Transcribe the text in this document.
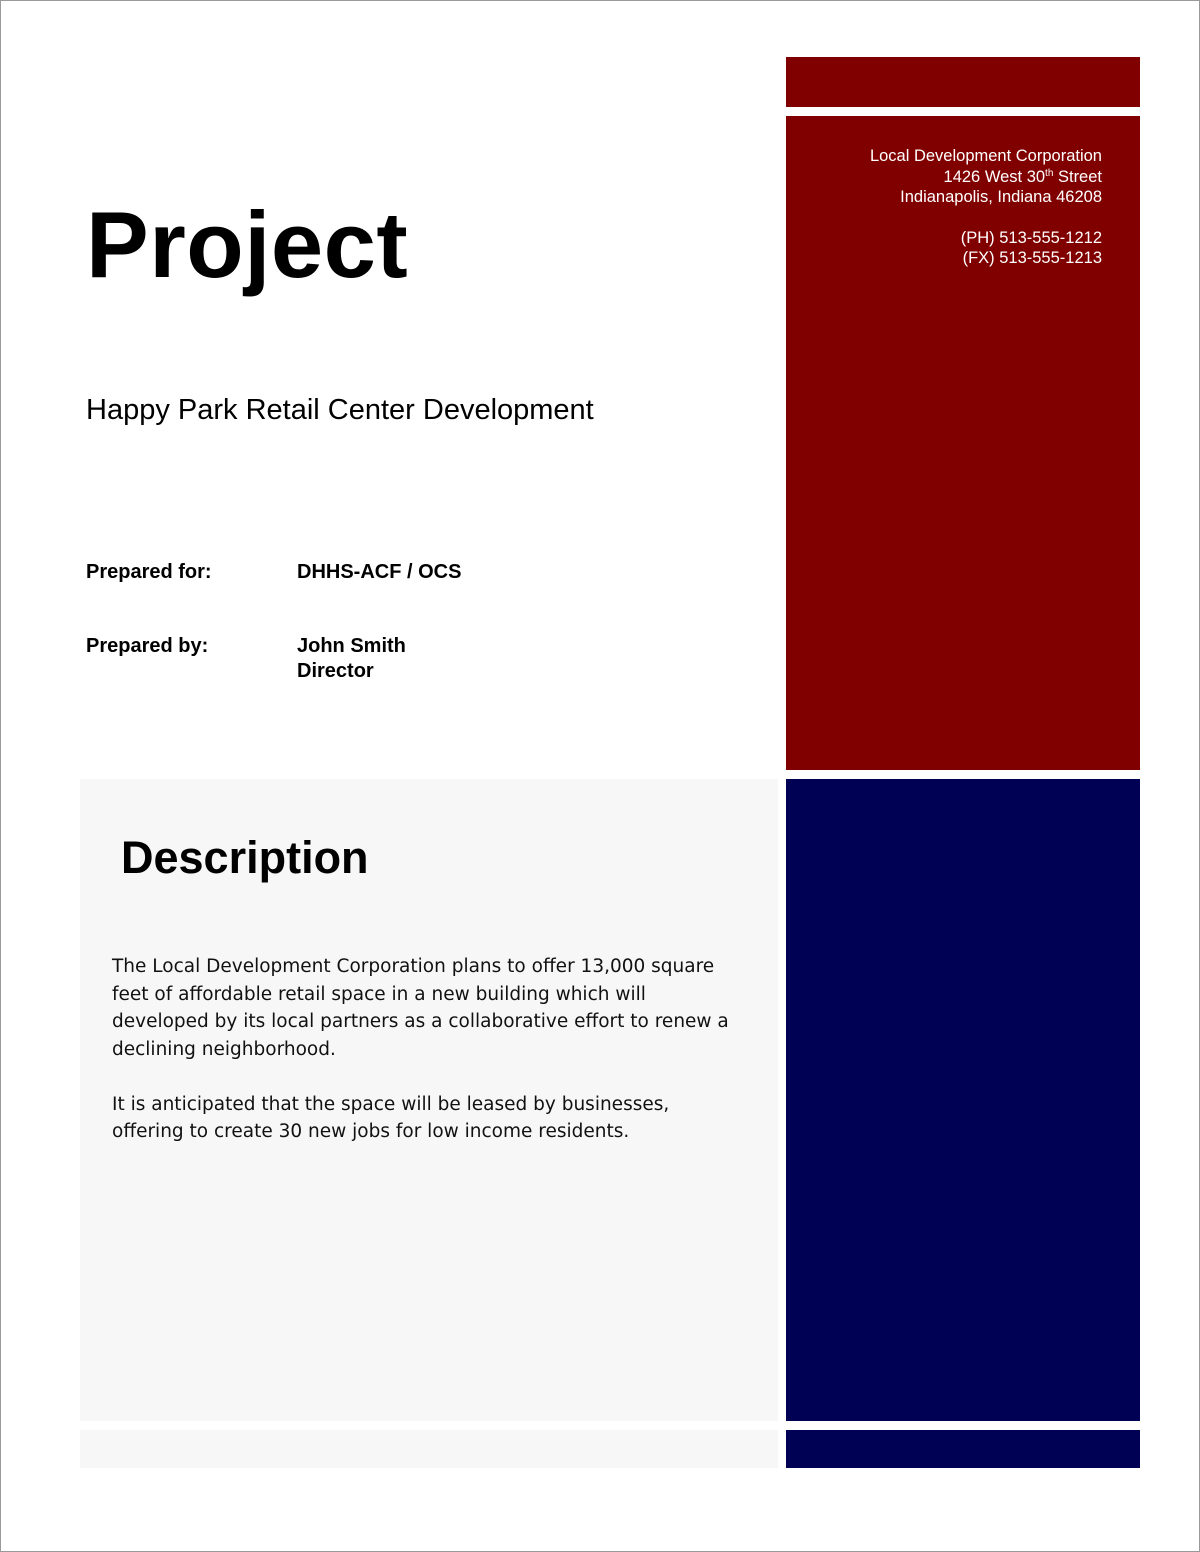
Local Development Corporation
1426 West 30th Street
Indianapolis, Indiana 46208
(PH) 513-555-1212
(FX) 513-555-1213
Project
Happy Park Retail Center Development
Prepared for:	DHHS-ACF / OCS
Prepared by:	John Smith
Director
Description

The Local Development Corporation plans to offer 13,000 square feet of affordable retail space in a new building which will developed by its local partners as a collaborative effort to renew a declining neighborhood.

It is anticipated that the space will be leased by businesses, offering to create 30 new jobs for low income residents.
